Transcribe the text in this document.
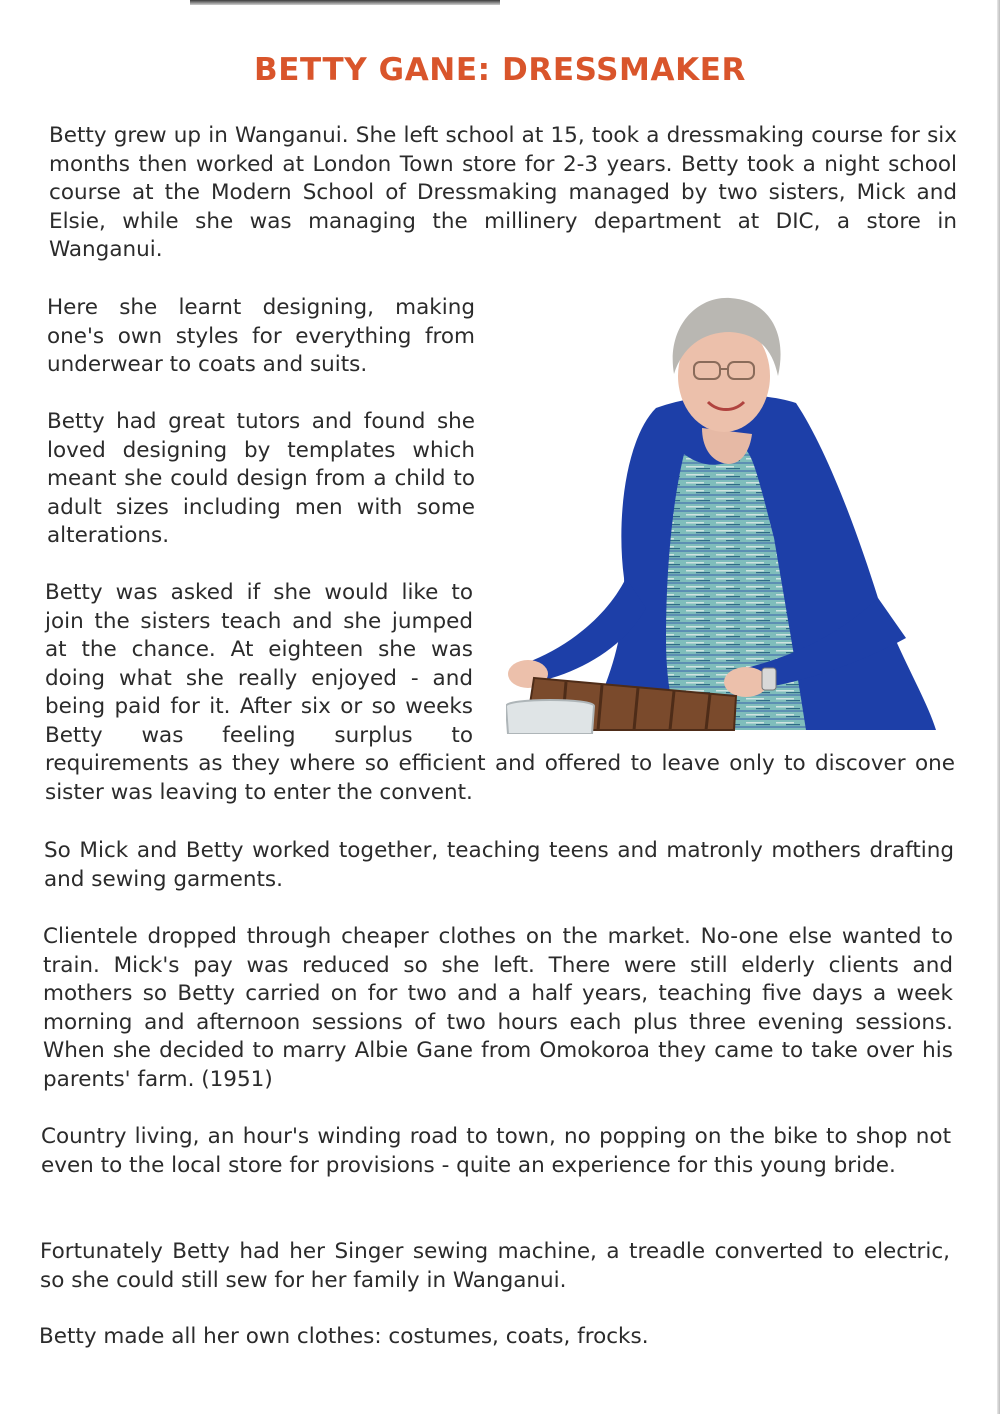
BETTY GANE: DRESSMAKER

Betty grew up in Wanganui. She left school at 15, took a dressmaking course for six months then worked at London Town store for 2-3 years. Betty took a night school course at the Modern School of Dressmaking managed by two sisters, Mick and Elsie, while she was managing the millinery department at DIC, a store in Wanganui.

Here she learnt designing, making one's own styles for everything from underwear to coats and suits.

Betty had great tutors and found she loved designing by templates which meant she could design from a child to adult sizes including men with some alterations.

Betty was asked if she would like to join the sisters teach and she jumped at the chance. At eighteen she was doing what she really enjoyed - and being paid for it. After six or so weeks Betty was feeling surplus to requirements as they where so efficient and offered to leave only to discover one sister was leaving to enter the convent.

So Mick and Betty worked together, teaching teens and matronly mothers drafting and sewing garments.

Clientele dropped through cheaper clothes on the market. No-one else wanted to train. Mick's pay was reduced so she left. There were still elderly clients and mothers so Betty carried on for two and a half years, teaching five days a week morning and afternoon sessions of two hours each plus three evening sessions. When she decided to marry Albie Gane from Omokoroa they came to take over his parents' farm. (1951)

Country living, an hour's winding road to town, no popping on the bike to shop not even to the local store for provisions - quite an experience for this young bride.

Fortunately Betty had her Singer sewing machine, a treadle converted to electric, so she could still sew for her family in Wanganui.

Betty made all her own clothes: costumes, coats, frocks.
